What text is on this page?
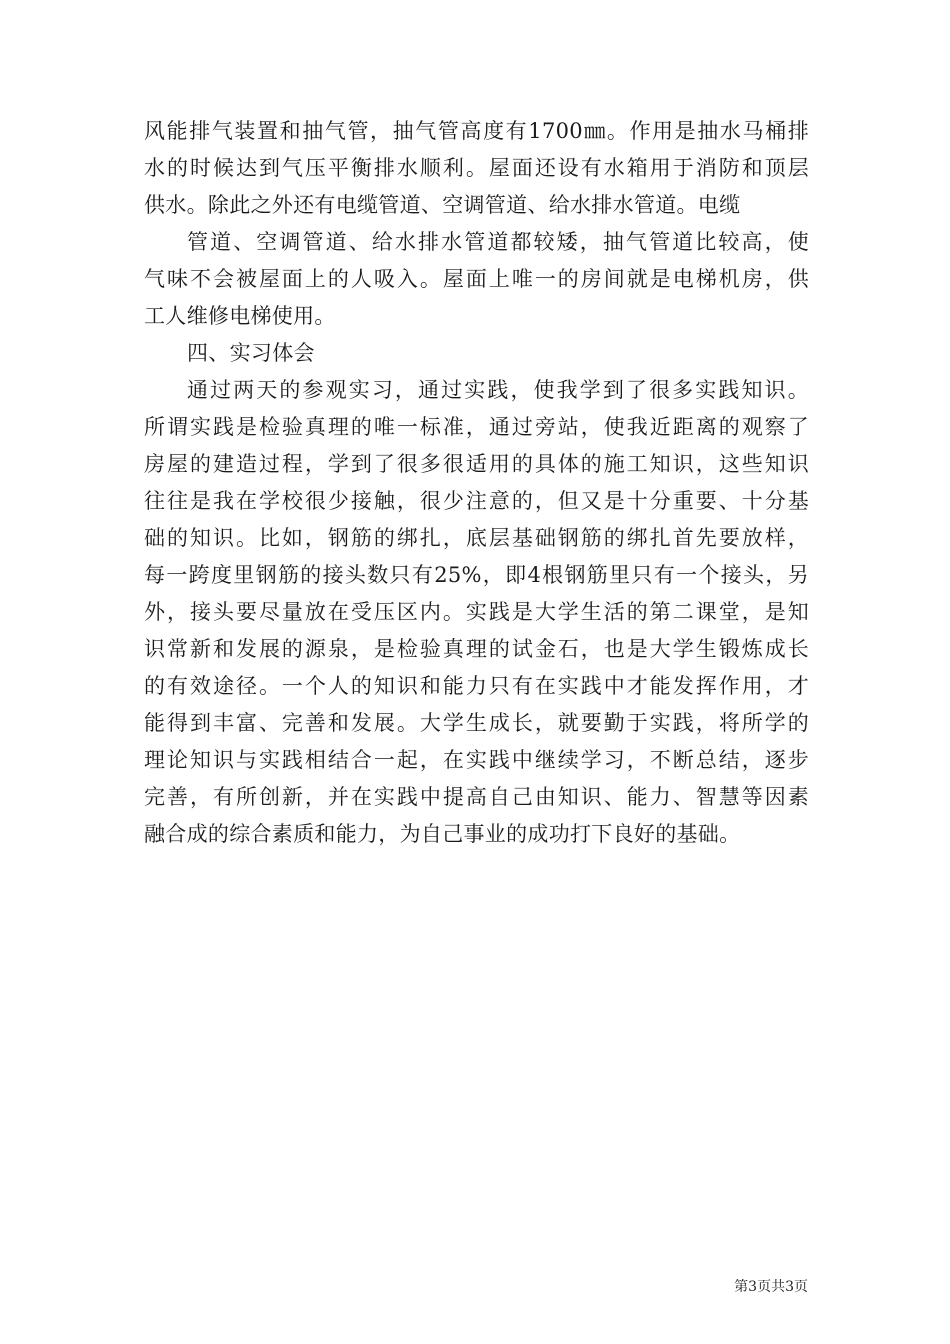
风能排气装置和抽气管，抽气管高度有1700㎜。作用是抽水马桶排
水的时候达到气压平衡排水顺利。屋面还设有水箱用于消防和顶层
供水。除此之外还有电缆管道、空调管道、给水排水管道。电缆
管道、空调管道、给水排水管道都较矮，抽气管道比较高，使
气味不会被屋面上的人吸入。屋面上唯一的房间就是电梯机房，供
工人维修电梯使用。
四、实习体会
通过两天的参观实习，通过实践，使我学到了很多实践知识。
所谓实践是检验真理的唯一标准，通过旁站，使我近距离的观察了
房屋的建造过程，学到了很多很适用的具体的施工知识，这些知识
往往是我在学校很少接触，很少注意的，但又是十分重要、十分基
础的知识。比如，钢筋的绑扎，底层基础钢筋的绑扎首先要放样，
每一跨度里钢筋的接头数只有25%，即4根钢筋里只有一个接头，另
外，接头要尽量放在受压区内。实践是大学生活的第二课堂，是知
识常新和发展的源泉，是检验真理的试金石，也是大学生锻炼成长
的有效途径。一个人的知识和能力只有在实践中才能发挥作用，才
能得到丰富、完善和发展。大学生成长，就要勤于实践，将所学的
理论知识与实践相结合一起，在实践中继续学习，不断总结，逐步
完善，有所创新，并在实践中提高自己由知识、能力、智慧等因素
融合成的综合素质和能力，为自己事业的成功打下良好的基础。
第3页共3页
